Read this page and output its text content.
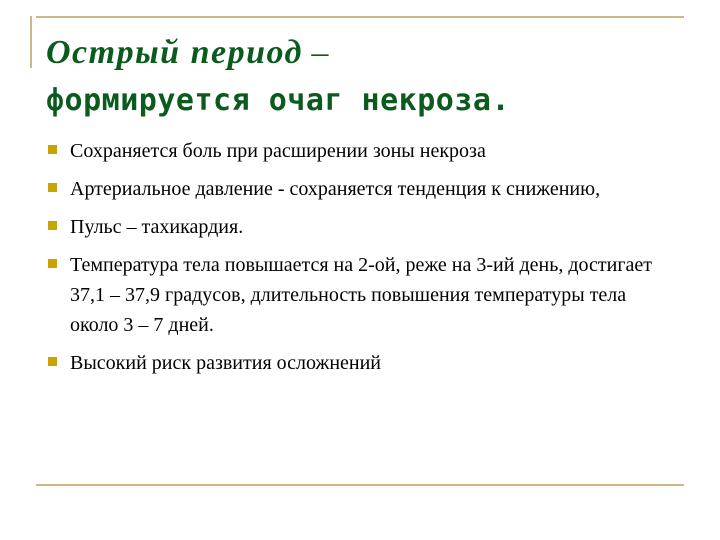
Острый период –
формируется очаг некроза.
Сохраняется боль при расширении зоны некроза
Артериальное давление - сохраняется тенденция к снижению,
Пульс – тахикардия.
Температура тела повышается на 2-ой, реже на 3-ий день, достигает 37,1 – 37,9 градусов, длительность повышения температуры тела около 3 – 7 дней.
Высокий риск развития осложнений
